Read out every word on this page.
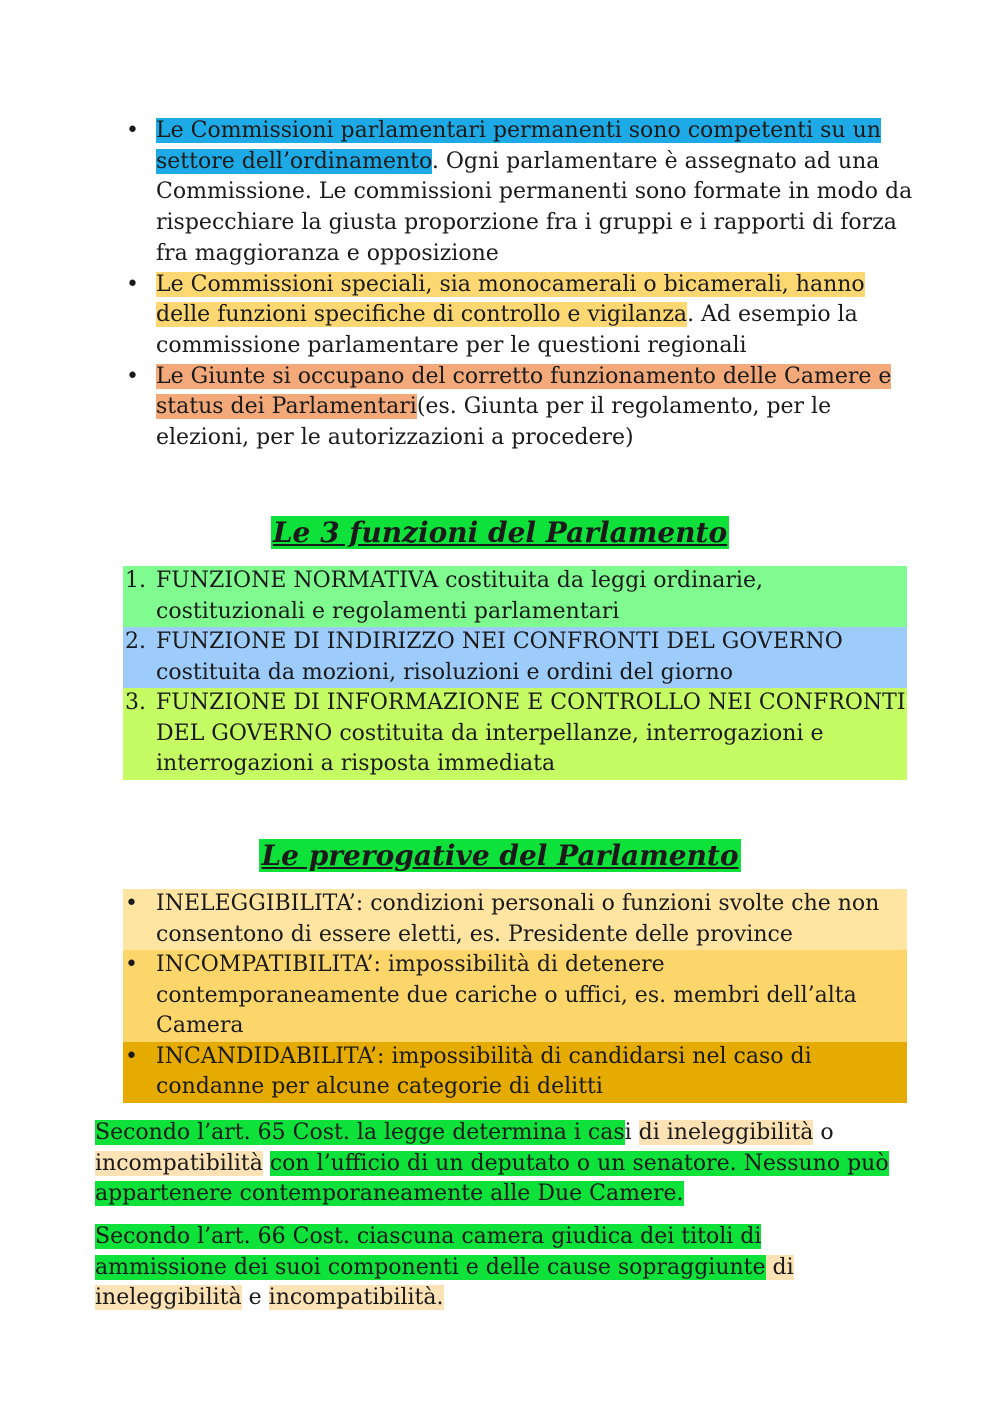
• Le Commissioni parlamentari permanenti sono competenti su un settore dell’ordinamento. Ogni parlamentare è assegnato ad una Commissione. Le commissioni permanenti sono formate in modo da rispecchiare la giusta proporzione fra i gruppi e i rapporti di forza fra maggioranza e opposizione
• Le Commissioni speciali, sia monocamerali o bicamerali, hanno delle funzioni specifiche di controllo e vigilanza. Ad esempio la commissione parlamentare per le questioni regionali
• Le Giunte si occupano del corretto funzionamento delle Camere e status dei Parlamentari(es. Giunta per il regolamento, per le elezioni, per le autorizzazioni a procedere)
Le 3 funzioni del Parlamento
1. FUNZIONE NORMATIVA costituita da leggi ordinarie, costituzionali e regolamenti parlamentari
2. FUNZIONE DI INDIRIZZO NEI CONFRONTI DEL GOVERNO costituita da mozioni, risoluzioni e ordini del giorno
3. FUNZIONE DI INFORMAZIONE E CONTROLLO NEI CONFRONTI DEL GOVERNO costituita da interpellanze, interrogazioni e interrogazioni a risposta immediata
Le prerogative del Parlamento
• INELEGGIBILITA’: condizioni personali o funzioni svolte che non consentono di essere eletti, es. Presidente delle province
• INCOMPATIBILITA’: impossibilità di detenere contemporaneamente due cariche o uffici, es. membri dell’alta Camera
• INCANDIDABILITA’: impossibilità di candidarsi nel caso di condanne per alcune categorie di delitti

Secondo l’art. 65 Cost. la legge determina i casi di ineleggibilità o incompatibilità con l’ufficio di un deputato o un senatore. Nessuno può appartenere contemporaneamente alle Due Camere.

Secondo l’art. 66 Cost. ciascuna camera giudica dei titoli di ammissione dei suoi componenti e delle cause sopraggiunte di ineleggibilità e incompatibilità.
